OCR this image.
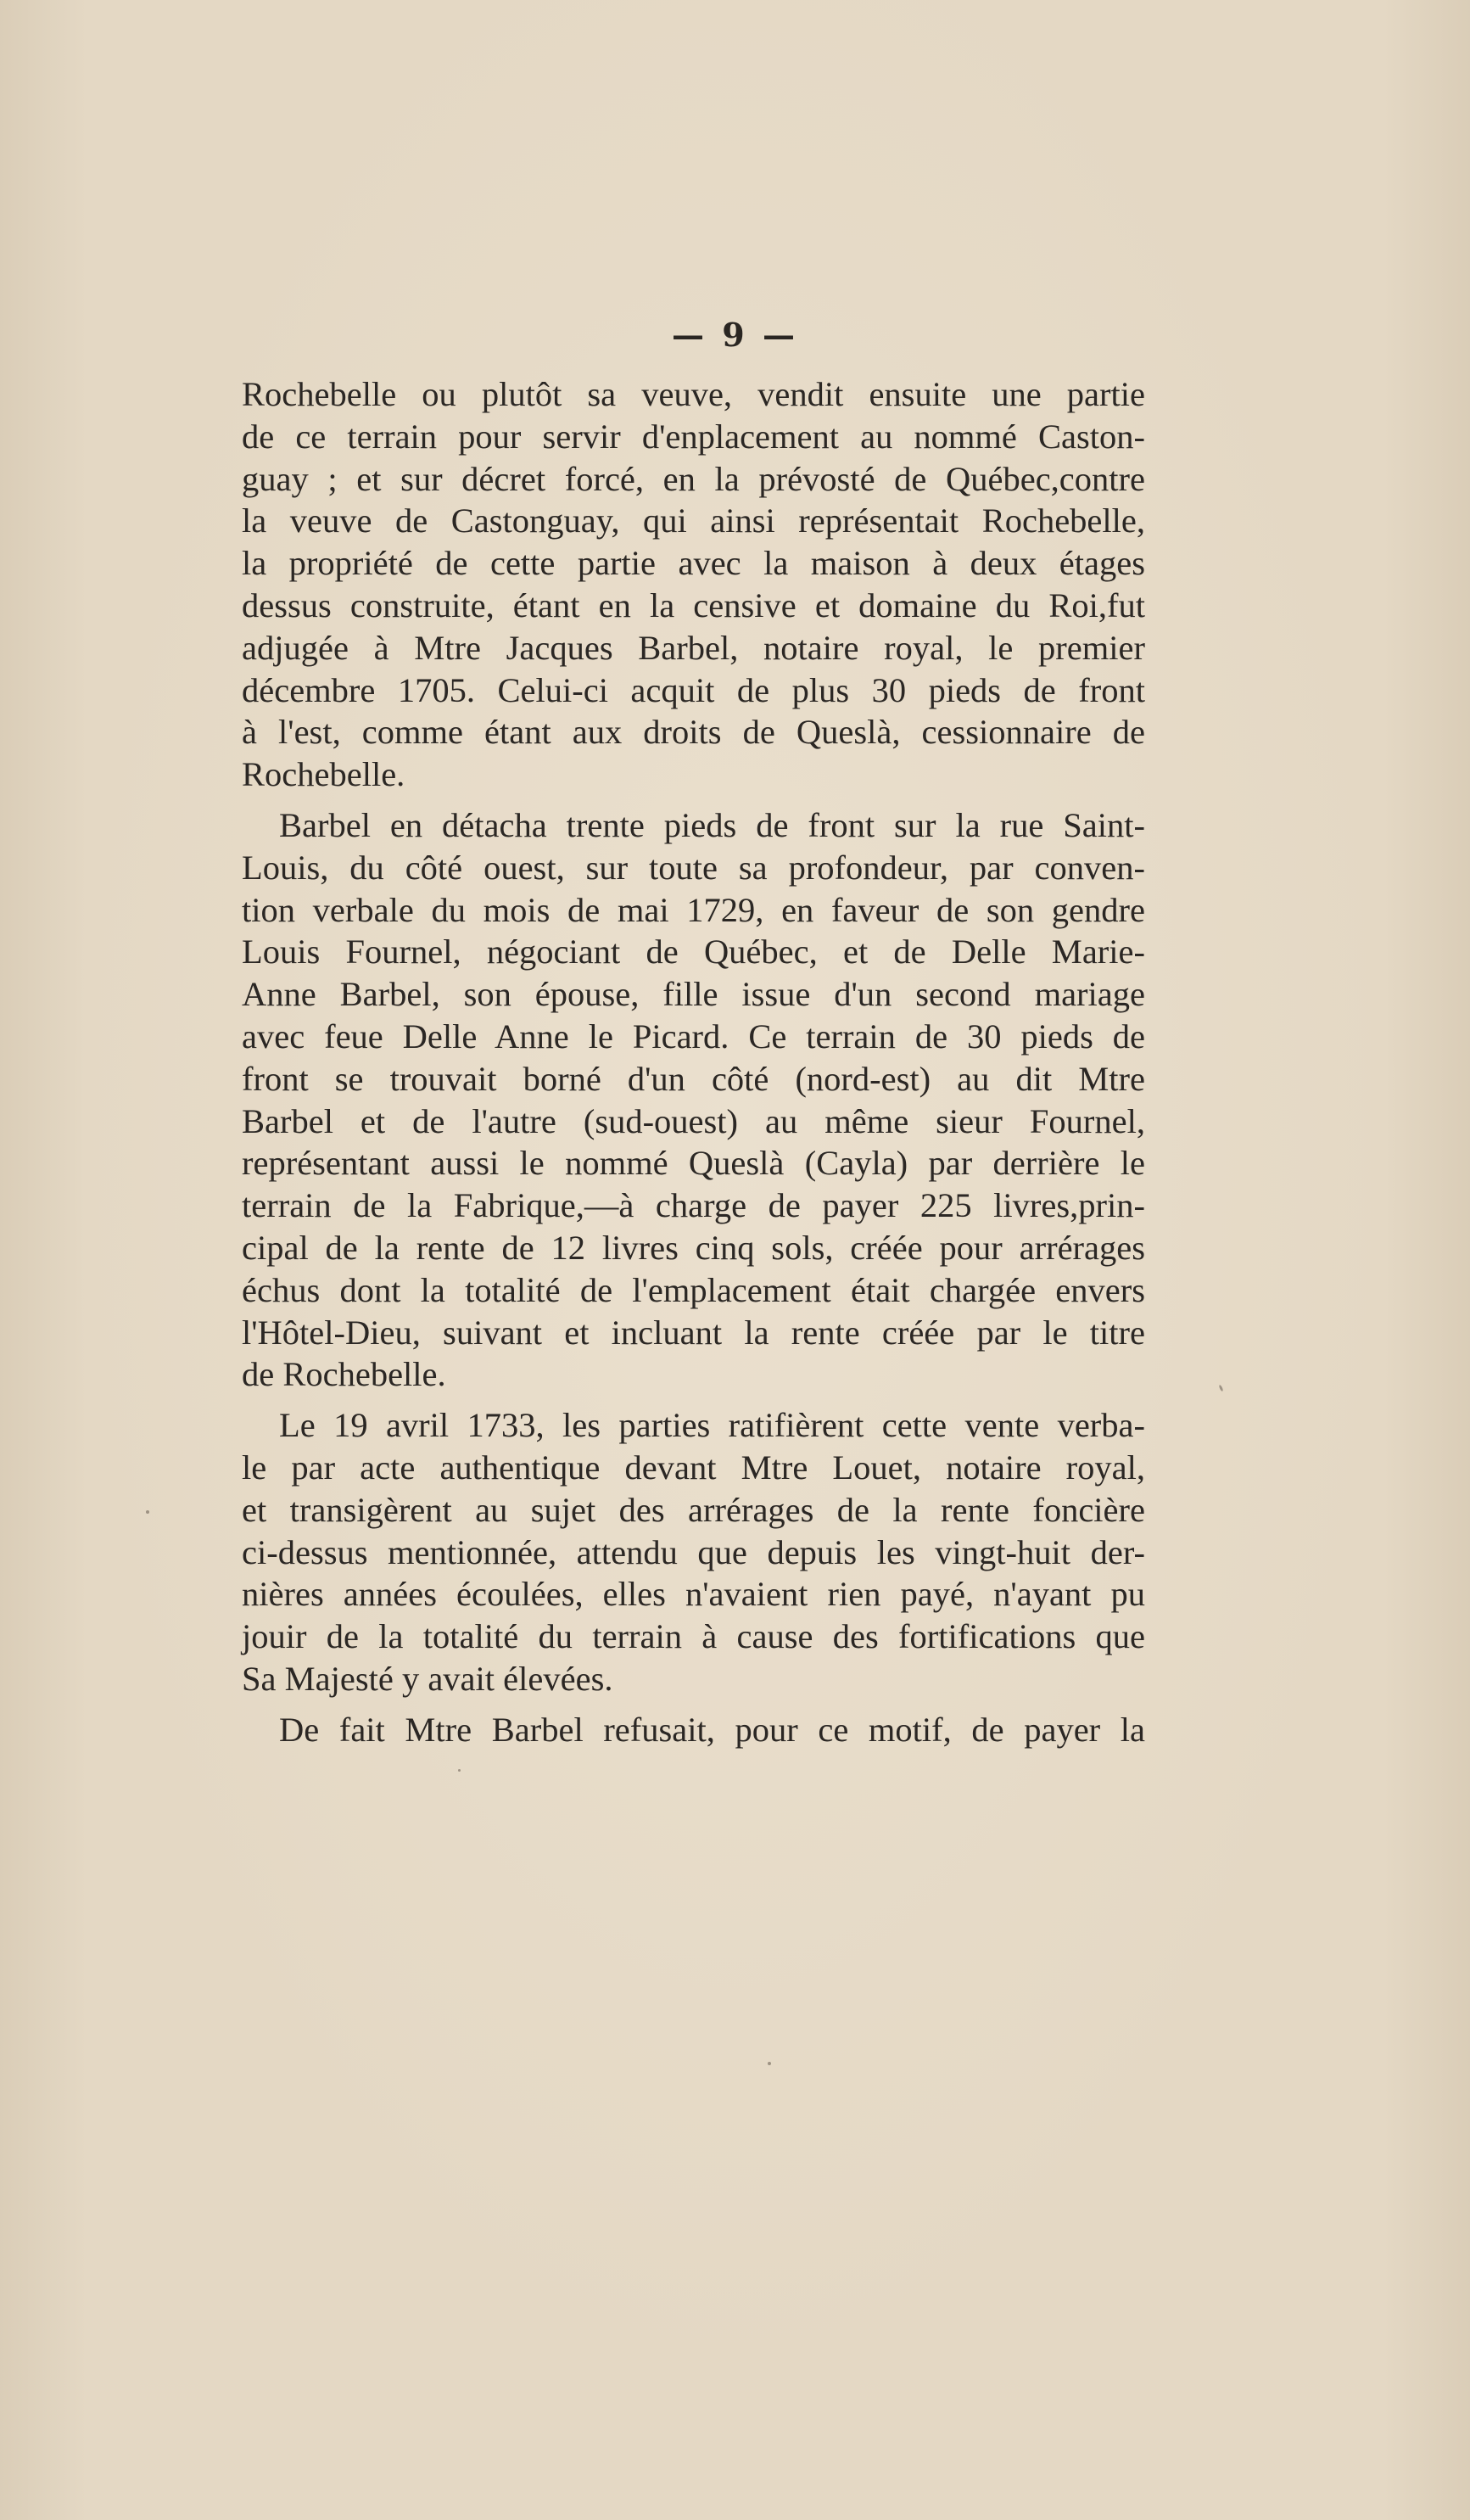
— 9 —
Rochebelle ou plutôt sa veuve, vendit ensuite une partie
de ce terrain pour servir d'enplacement au nommé Caston-
guay ; et sur décret forcé, en la prévosté de Québec,contre
la veuve de Castonguay, qui ainsi représentait Rochebelle,
la propriété de cette partie avec la maison à deux étages
dessus construite, étant en la censive et domaine du Roi,fut
adjugée à Mtre Jacques Barbel, notaire royal, le premier
décembre 1705. Celui-ci acquit de plus 30 pieds de front
à l'est, comme étant aux droits de Queslà, cessionnaire de
Rochebelle.
Barbel en détacha trente pieds de front sur la rue Saint-
Louis, du côté ouest, sur toute sa profondeur, par conven-
tion verbale du mois de mai 1729, en faveur de son gendre
Louis Fournel, négociant de Québec, et de Delle Marie-
Anne Barbel, son épouse, fille issue d'un second mariage
avec feue Delle Anne le Picard. Ce terrain de 30 pieds de
front se trouvait borné d'un côté (nord-est) au dit Mtre
Barbel et de l'autre (sud-ouest) au même sieur Fournel,
représentant aussi le nommé Queslà (Cayla) par derrière le
terrain de la Fabrique,—à charge de payer 225 livres,prin-
cipal de la rente de 12 livres cinq sols, créée pour arrérages
échus dont la totalité de l'emplacement était chargée envers
l'Hôtel-Dieu, suivant et incluant la rente créée par le titre
de Rochebelle.
Le 19 avril 1733, les parties ratifièrent cette vente verba-
le par acte authentique devant Mtre Louet, notaire royal,
et transigèrent au sujet des arrérages de la rente foncière
ci-dessus mentionnée, attendu que depuis les vingt-huit der-
nières années écoulées, elles n'avaient rien payé, n'ayant pu
jouir de la totalité du terrain à cause des fortifications que
Sa Majesté y avait élevées.
De fait Mtre Barbel refusait, pour ce motif, de payer la
